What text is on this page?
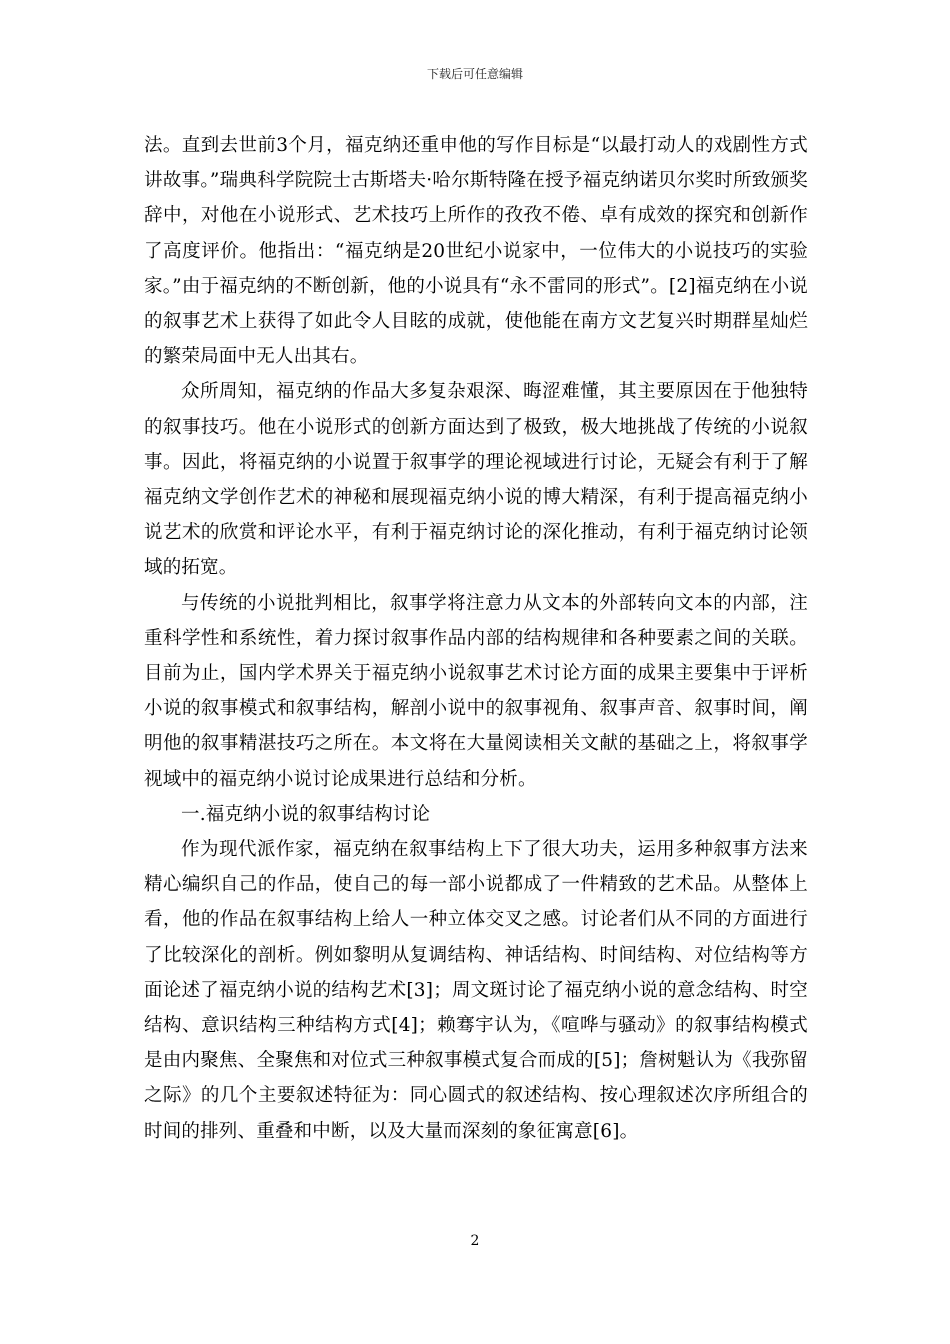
下载后可任意编辑

法。直到去世前3个月，福克纳还重申他的写作目标是“以最打动人的戏剧性方式讲故事。”瑞典科学院院士古斯塔夫·哈尔斯特隆在授予福克纳诺贝尔奖时所致颁奖辞中，对他在小说形式、艺术技巧上所作的孜孜不倦、卓有成效的探究和创新作了高度评价。他指出：“福克纳是20世纪小说家中，一位伟大的小说技巧的实验家。”由于福克纳的不断创新，他的小说具有“永不雷同的形式”。[2]福克纳在小说的叙事艺术上获得了如此令人目眩的成就，使他能在南方文艺复兴时期群星灿烂的繁荣局面中无人出其右。

众所周知，福克纳的作品大多复杂艰深、晦涩难懂，其主要原因在于他独特的叙事技巧。他在小说形式的创新方面达到了极致，极大地挑战了传统的小说叙事。因此，将福克纳的小说置于叙事学的理论视域进行讨论，无疑会有利于了解福克纳文学创作艺术的神秘和展现福克纳小说的博大精深，有利于提高福克纳小说艺术的欣赏和评论水平，有利于福克纳讨论的深化推动，有利于福克纳讨论领域的拓宽。

与传统的小说批判相比，叙事学将注意力从文本的外部转向文本的内部，注重科学性和系统性，着力探讨叙事作品内部的结构规律和各种要素之间的关联。目前为止，国内学术界关于福克纳小说叙事艺术讨论方面的成果主要集中于评析小说的叙事模式和叙事结构，解剖小说中的叙事视角、叙事声音、叙事时间，阐明他的叙事精湛技巧之所在。本文将在大量阅读相关文献的基础之上，将叙事学视域中的福克纳小说讨论成果进行总结和分析。

一.福克纳小说的叙事结构讨论

作为现代派作家，福克纳在叙事结构上下了很大功夫，运用多种叙事方法来精心编织自己的作品，使自己的每一部小说都成了一件精致的艺术品。从整体上看，他的作品在叙事结构上给人一种立体交叉之感。讨论者们从不同的方面进行了比较深化的剖析。例如黎明从复调结构、神话结构、时间结构、对位结构等方面论述了福克纳小说的结构艺术[3]；周文斑讨论了福克纳小说的意念结构、时空结构、意识结构三种结构方式[4]；赖骞宇认为，《喧哗与骚动》的叙事结构模式是由内聚焦、全聚焦和对位式三种叙事模式复合而成的[5]；詹树魁认为《我弥留之际》的几个主要叙述特征为：同心圆式的叙述结构、按心理叙述次序所组合的时间的排列、重叠和中断，以及大量而深刻的象征寓意[6]。

2
